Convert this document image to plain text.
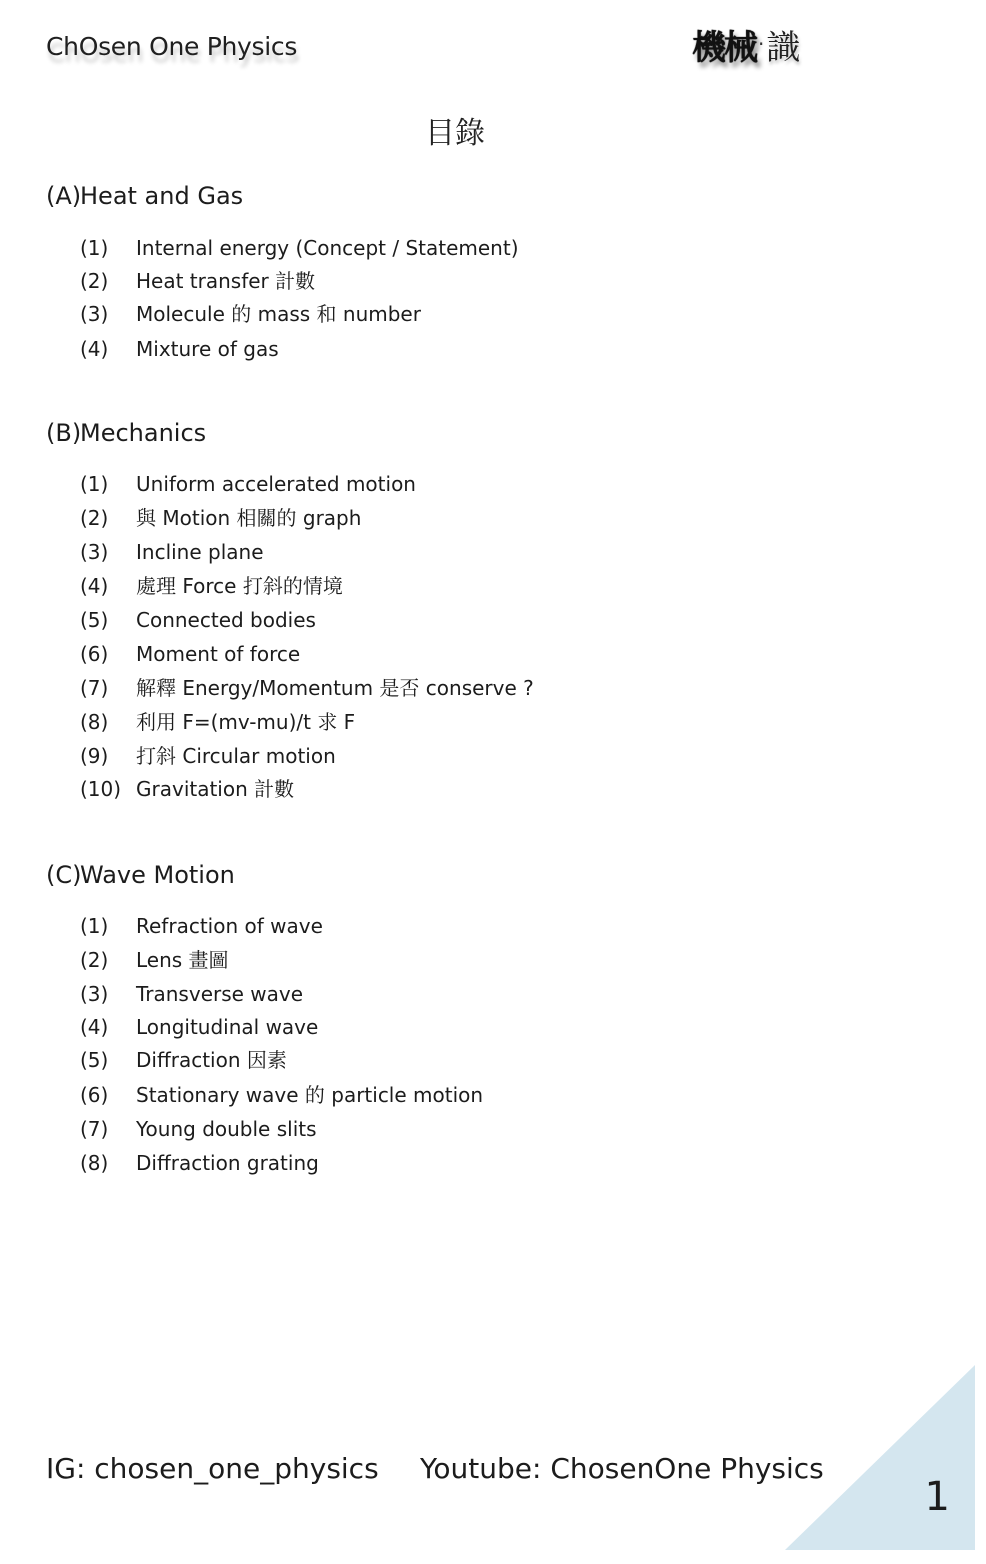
ChOsen One Physics	機械 ·識
目錄
(A)Heat and Gas
(1) Internal energy (Concept / Statement)
(2) Heat transfer 計數
(3) Molecule 的 mass 和 number
(4) Mixture of gas
(B)Mechanics
(1) Uniform accelerated motion
(2) 與 Motion 相關的 graph
(3) Incline plane
(4) 處理 Force 打斜的情境
(5) Connected bodies
(6) Moment of force
(7) 解釋 Energy/Momentum 是否 conserve ?
(8) 利用 F=(mv-mu)/t 求 F
(9) 打斜 Circular motion
(10) Gravitation 計數
(C)Wave Motion
(1) Refraction of wave
(2) Lens 畫圖
(3) Transverse wave
(4) Longitudinal wave
(5) Diffraction 因素
(6) Stationary wave 的 particle motion
(7) Young double slits
(8) Diffraction grating
IG: chosen_one_physics Youtube: ChosenOne Physics
1
